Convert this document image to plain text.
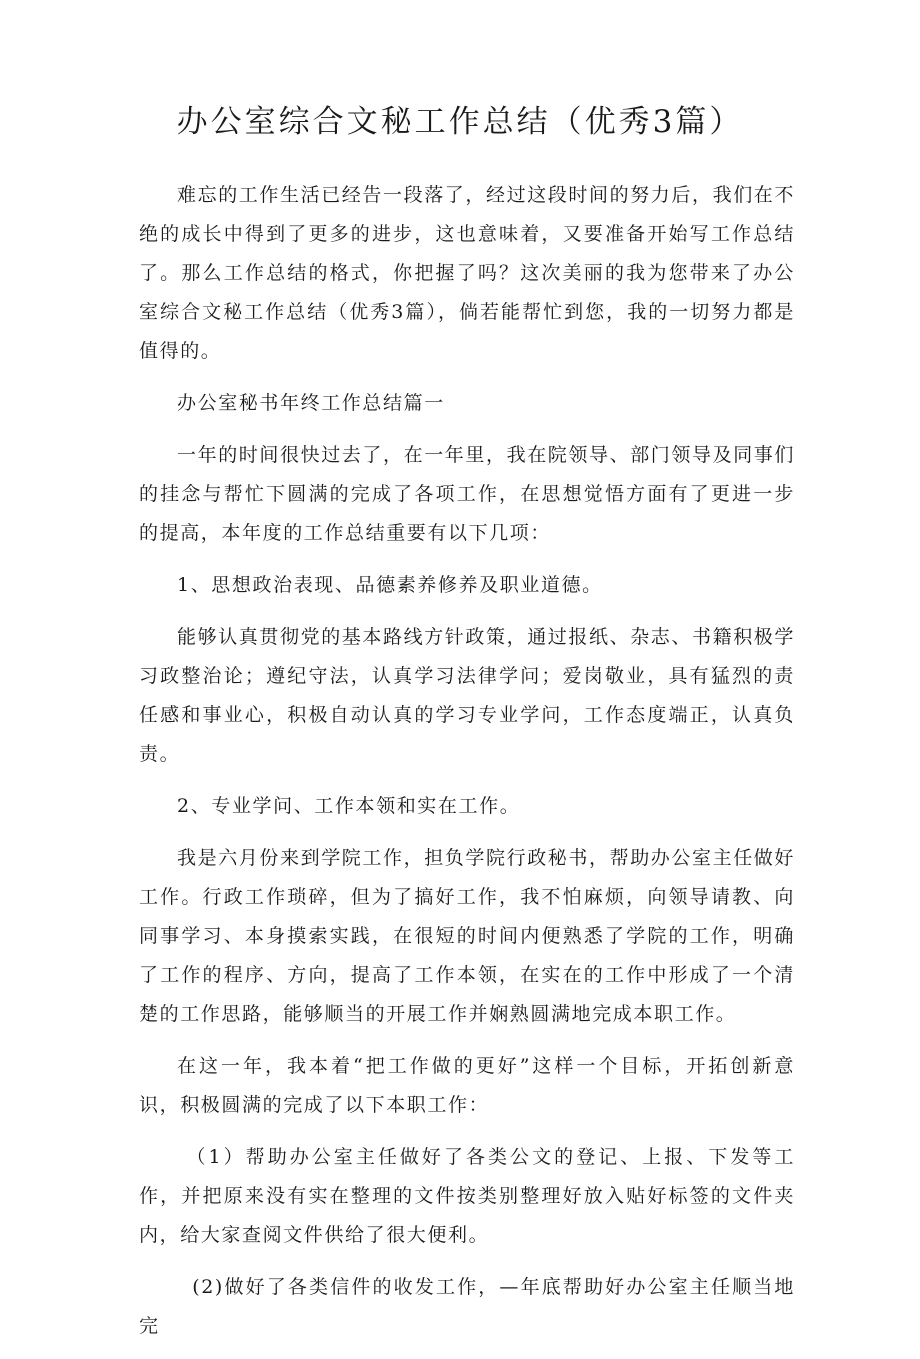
办公室综合文秘工作总结（优秀3篇）

难忘的工作生活已经告一段落了，经过这段时间的努力后，我们在不绝的成长中得到了更多的进步，这也意味着，又要准备开始写工作总结了。那么工作总结的格式，你把握了吗？这次美丽的我为您带来了办公室综合文秘工作总结（优秀3篇），倘若能帮忙到您，我的一切努力都是值得的。

办公室秘书年终工作总结篇一

一年的时间很快过去了，在一年里，我在院领导、部门领导及同事们的挂念与帮忙下圆满的完成了各项工作，在思想觉悟方面有了更进一步的提高，本年度的工作总结重要有以下几项：

1、思想政治表现、品德素养修养及职业道德。

能够认真贯彻党的基本路线方针政策，通过报纸、杂志、书籍积极学习政整治论；遵纪守法，认真学习法律学问；爱岗敬业，具有猛烈的责任感和事业心，积极自动认真的学习专业学问，工作态度端正，认真负责。

2、专业学问、工作本领和实在工作。

我是六月份来到学院工作，担负学院行政秘书，帮助办公室主任做好工作。行政工作琐碎，但为了搞好工作，我不怕麻烦，向领导请教、向同事学习、本身摸索实践，在很短的时间内便熟悉了学院的工作，明确了工作的程序、方向，提高了工作本领，在实在的工作中形成了一个清楚的工作思路，能够顺当的开展工作并娴熟圆满地完成本职工作。

在这一年，我本着“把工作做的更好”这样一个目标，开拓创新意识，积极圆满的完成了以下本职工作：

（1）帮助办公室主任做好了各类公文的登记、上报、下发等工作，并把原来没有实在整理的文件按类别整理好放入贴好标签的文件夹内，给大家查阅文件供给了很大便利。

(2)做好了各类信件的收发工作，—年底帮助好办公室主任顺当地完
